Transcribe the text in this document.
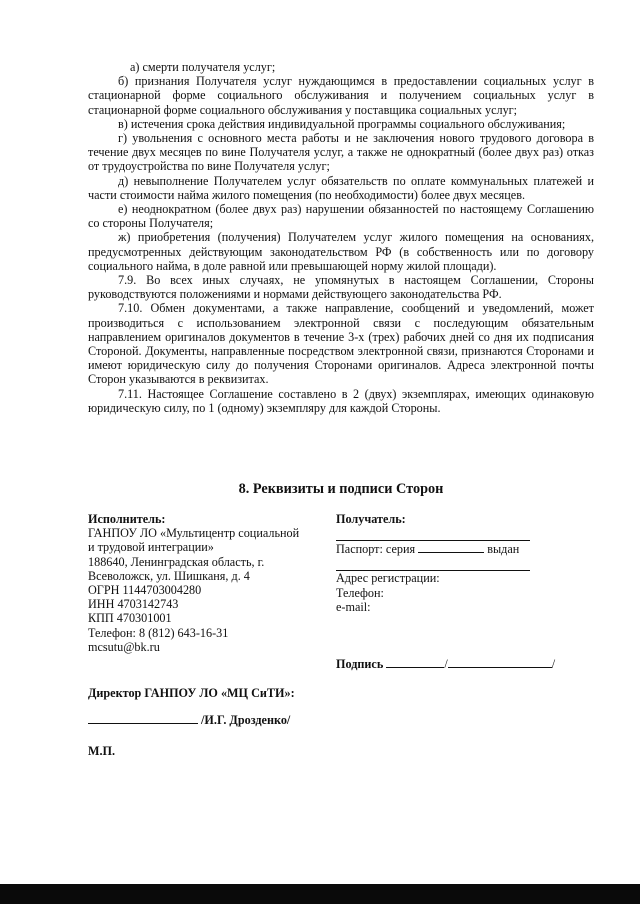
а) смерти получателя услуг;

б) признания Получателя услуг нуждающимся в предоставлении социальных услуг в стационарной форме социального обслуживания и получением социальных услуг в стационарной форме социального обслуживания у поставщика социальных услуг;

в) истечения срока действия индивидуальной программы социального обслуживания;

г) увольнения с основного места работы и не заключения нового трудового договора в течение двух месяцев по вине Получателя услуг, а также не однократный (более двух раз) отказ от трудоустройства по вине Получателя услуг;

д) невыполнение Получателем услуг обязательств по оплате коммунальных платежей и части стоимости найма жилого помещения (по необходимости) более двух месяцев.

е) неоднократном (более двух раз) нарушении обязанностей по настоящему Соглашению со стороны Получателя;

ж) приобретения (получения) Получателем услуг жилого помещения на основаниях, предусмотренных действующим законодательством РФ (в собственность или по договору социального найма, в доле равной или превышающей норму жилой площади).

7.9. Во всех иных случаях, не упомянутых в настоящем Соглашении, Стороны руководствуются положениями и нормами действующего законодательства РФ.

7.10. Обмен документами, а также направление, сообщений и уведомлений, может производиться с использованием электронной связи с последующим обязательным направлением оригиналов документов в течение 3-х (трех) рабочих дней со дня их подписания Стороной. Документы, направленные посредством электронной связи, признаются Сторонами и имеют юридическую силу до получения Сторонами оригиналов. Адреса электронной почты Сторон указываются в реквизитах.

7.11. Настоящее Соглашение составлено в 2 (двух) экземплярах, имеющих одинаковую юридическую силу, по 1 (одному) экземпляру для каждой Стороны.

8. Реквизиты и подписи Сторон
Исполнитель:
ГАНПОУ ЛО «Мультицентр социальной
и трудовой интеграции»
188640, Ленинградская область, г.
Всеволожск, ул. Шишканя, д. 4
ОГРН 1144703004280
ИНН 4703142743
КПП 470301001
Телефон: 8 (812) 643-16-31
mcsutu@bk.ru
Получатель:
Паспорт: серия	выдан
Адрес регистрации:
Телефон:
e-mail:
Подпись	/	/
Директор ГАНПОУ ЛО «МЦ СиТИ»:
/И.Г. Дрозденко/
М.П.
